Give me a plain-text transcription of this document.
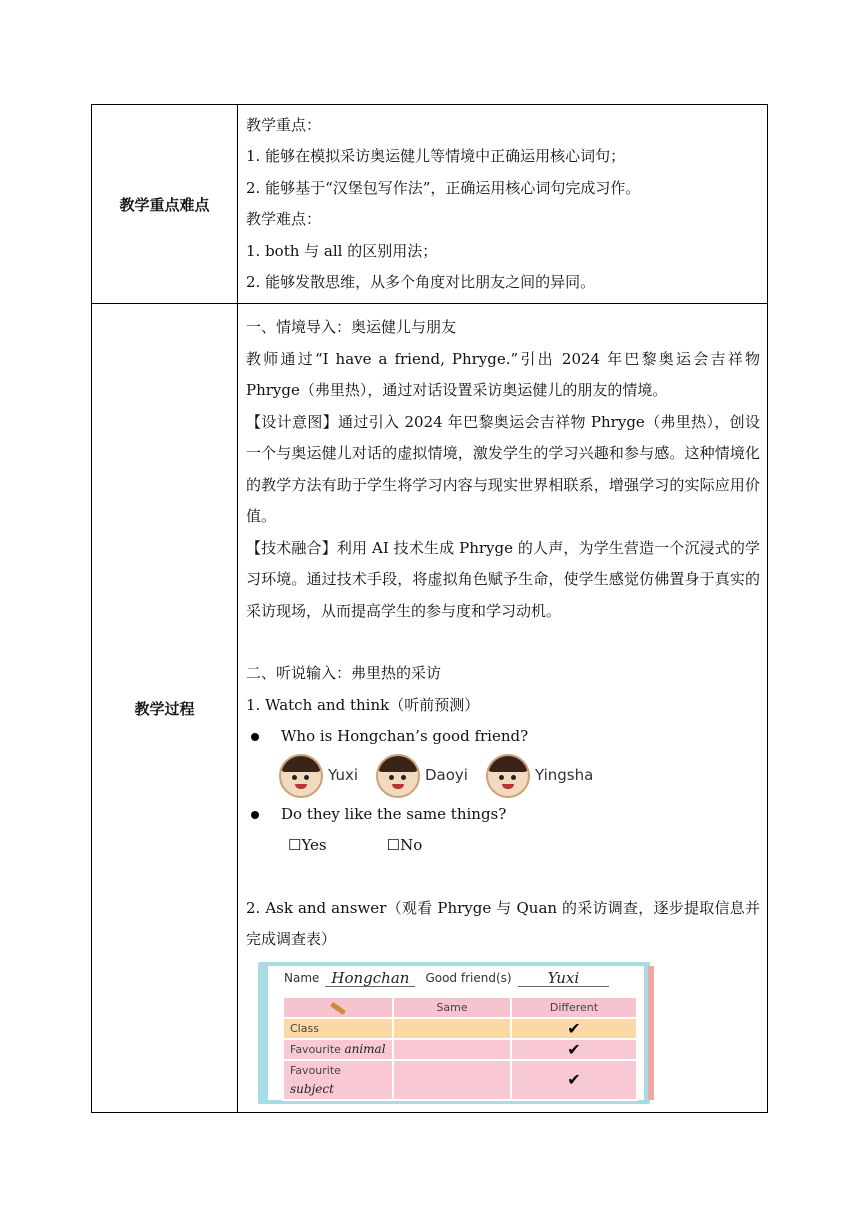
教学重点难点	

教学重点：

1. 能够在模拟采访奥运健儿等情境中正确运用核心词句；

2. 能够基于“汉堡包写作法”，正确运用核心词句完成习作。

教学难点：

1. both 与 all 的区别用法；

2. 能够发散思维，从多个角度对比朋友之间的异同。

教学过程	

一、情境导入：奥运健儿与朋友

教师通过“I have a friend, Phryge.”引出 2024 年巴黎奥运会吉祥物 Phryge（弗里热），通过对话设置采访奥运健儿的朋友的情境。

【设计意图】通过引入 2024 年巴黎奥运会吉祥物 Phryge（弗里热），创设一个与奥运健儿对话的虚拟情境，激发学生的学习兴趣和参与感。这种情境化的教学方法有助于学生将学习内容与现实世界相联系，增强学习的实际应用价值。

【技术融合】利用 AI 技术生成 Phryge 的人声，为学生营造一个沉浸式的学习环境。通过技术手段，将虚拟角色赋予生命，使学生感觉仿佛置身于真实的采访现场，从而提高学生的参与度和学习动机。

二、听说输入：弗里热的采访

1. Watch and think（听前预测）

Who is Hongchan’s good friend?
Yuxi	Daoyi	Yingsha
Do they like the same things?
☐Yes	☐No

2. Ask and answer（观看 Phryge 与 Quan 的采访调查，逐步提取信息并完成调查表）

Name Hongchan	Good friend(s)	Yuxi
	Same	Different
Class		✔
Favourite animal		✔
Favourite subject		✔
